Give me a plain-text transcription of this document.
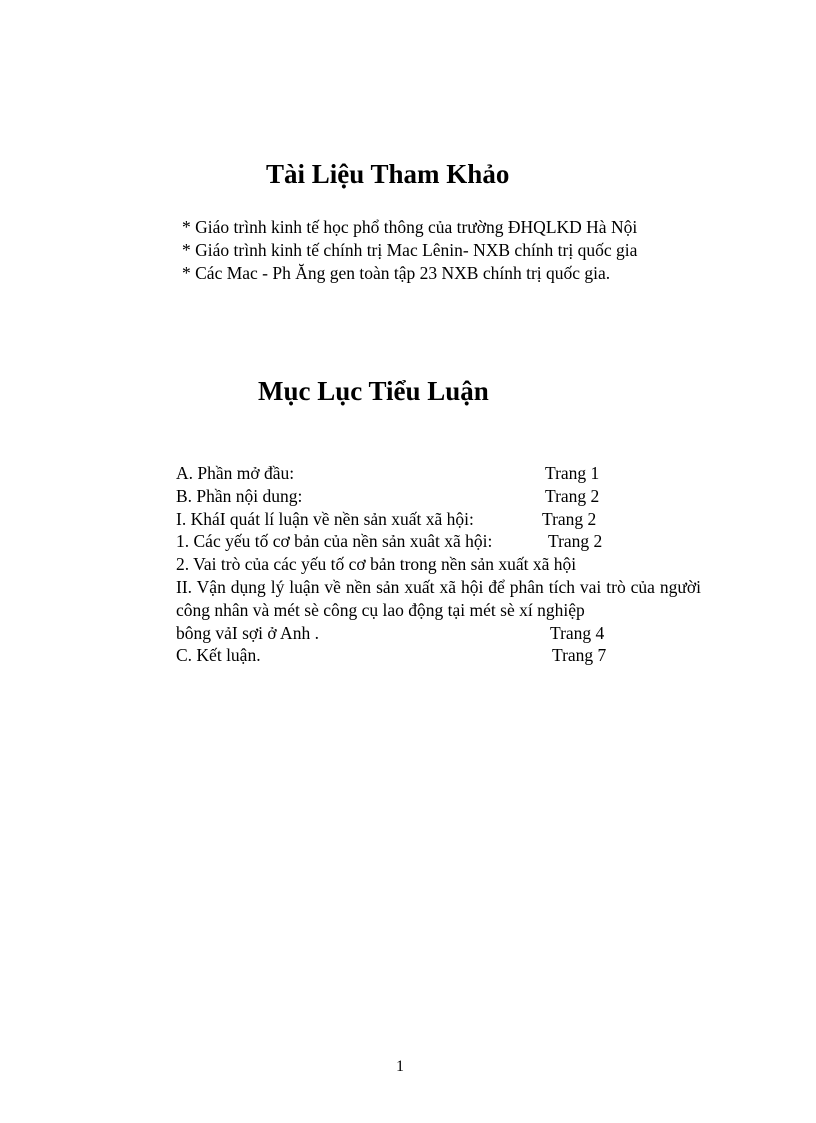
Tài Liệu Tham Khảo
* Giáo trình kinh tế học phổ thông của trường ĐHQLKD Hà Nội
* Giáo trình kinh tế chính trị Mac Lênin- NXB chính trị quốc gia
* Các Mac - Ph Ăng gen toàn tập 23 NXB chính trị quốc gia.
Mục Lục Tiểu Luận
A. Phần mở đầu:	Trang 1
B. Phần nội dung:	Trang 2
I. KháI quát lí luận về nền sản xuất xã hội:	Trang 2
1. Các yếu tố cơ bản của nền sản xuât xã hội:	Trang 2
2. Vai trò của các yếu tố cơ bản trong nền sản xuất xã hội
II. Vận dụng lý luận về nền sản xuất xã hội để phân tích vai trò của người công nhân và mét sè công cụ lao động tại mét sè xí nghiệp
bông vảI sợi ở Anh .	Trang 4
C. Kết luận.	Trang 7
1
